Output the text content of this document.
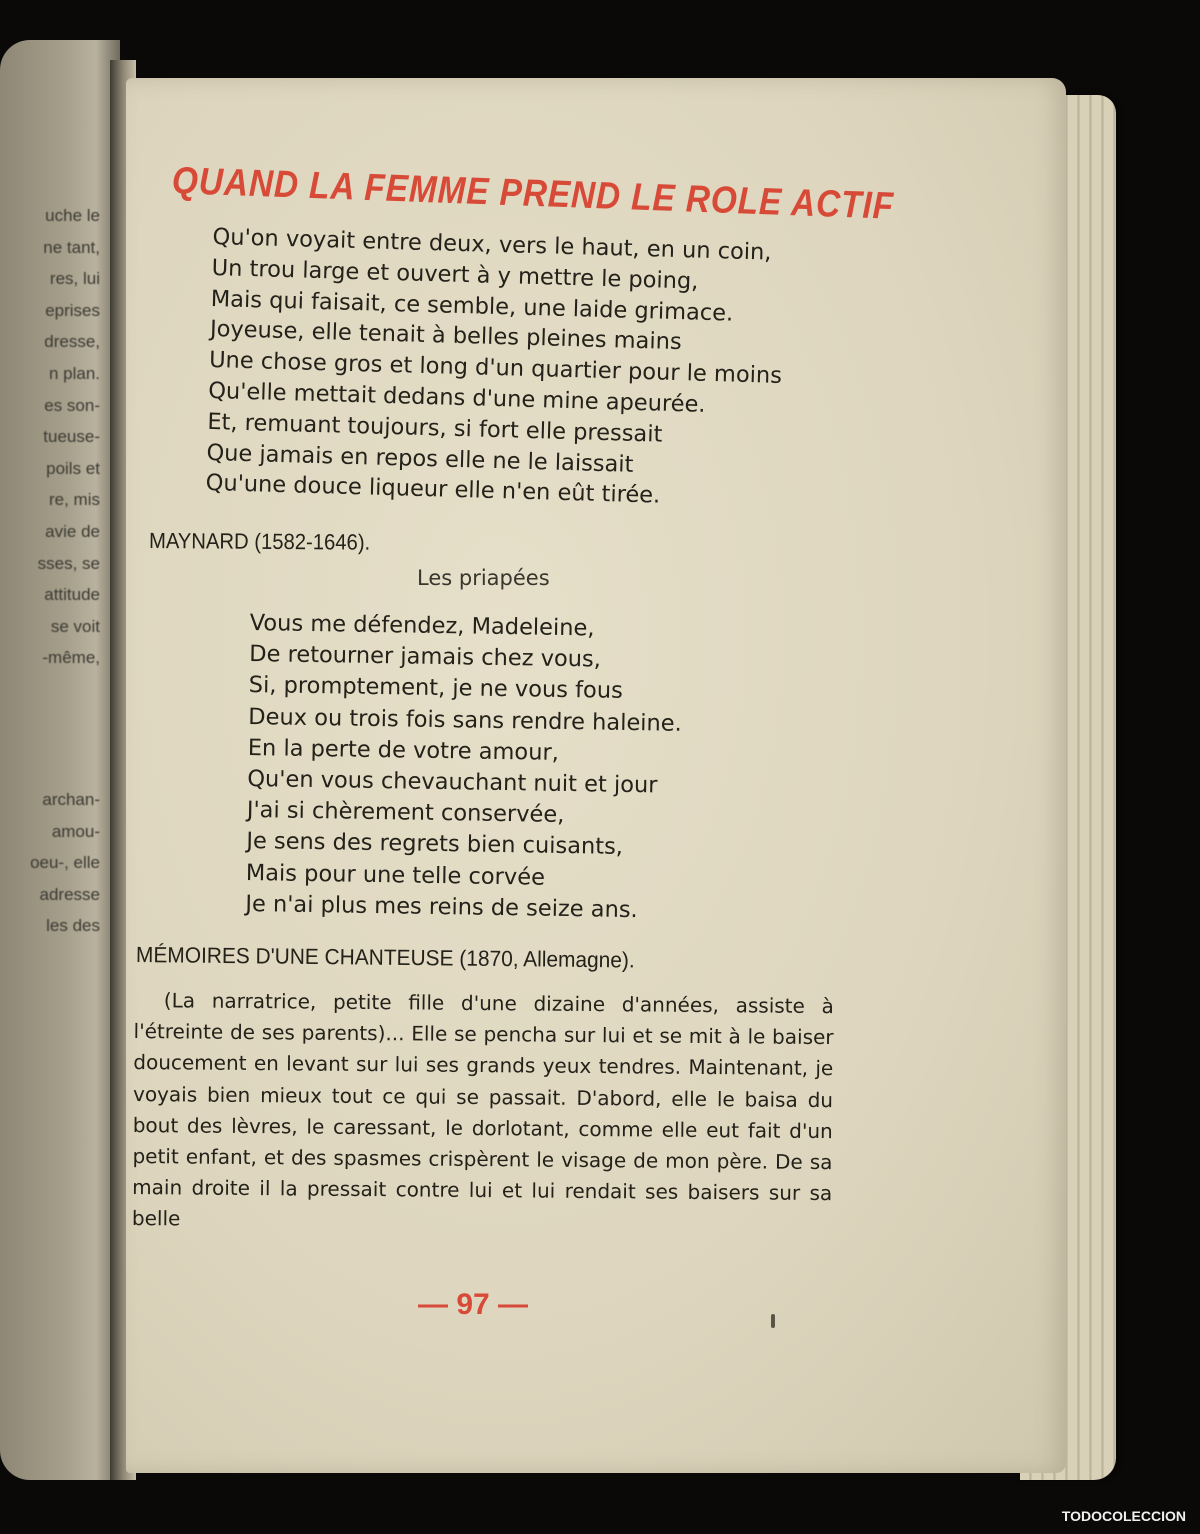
uche le
ne tant,
res, lui
eprises
dresse,
n plan.
es son-
tueuse-
poils et
re, mis
avie de
sses, se
attitude
se voit
-même,
archan-
amou-
oeu-, elle
adresse
les des
QUAND LA FEMME PREND LE ROLE ACTIF
Qu'on voyait entre deux, vers le haut, en un coin,
Un trou large et ouvert à y mettre le poing,
Mais qui faisait, ce semble, une laide grimace.
Joyeuse, elle tenait à belles pleines mains
Une chose gros et long d'un quartier pour le moins
Qu'elle mettait dedans d'une mine apeurée.
Et, remuant toujours, si fort elle pressait
Que jamais en repos elle ne le laissait
Qu'une douce liqueur elle n'en eût tirée.
MAYNARD (1582-1646).
Les priapées
Vous me défendez, Madeleine,
De retourner jamais chez vous,
Si, promptement, je ne vous fous
Deux ou trois fois sans rendre haleine.
En la perte de votre amour,
Qu'en vous chevauchant nuit et jour
J'ai si chèrement conservée,
Je sens des regrets bien cuisants,
Mais pour une telle corvée
Je n'ai plus mes reins de seize ans.
MÉMOIRES D'UNE CHANTEUSE (1870, Allemagne).
(La narratrice, petite fille d'une dizaine d'années, assiste à l'étreinte de ses parents)... Elle se pencha sur lui et se mit à le baiser doucement en levant sur lui ses grands yeux tendres. Maintenant, je voyais bien mieux tout ce qui se passait. D'abord, elle le baisa du bout des lèvres, le caressant, le dorlotant, comme elle eut fait d'un petit enfant, et des spasmes crispèrent le visage de mon père. De sa main droite il la pressait contre lui et lui rendait ses baisers sur sa belle
— 97 —
TODOCOLECCION
